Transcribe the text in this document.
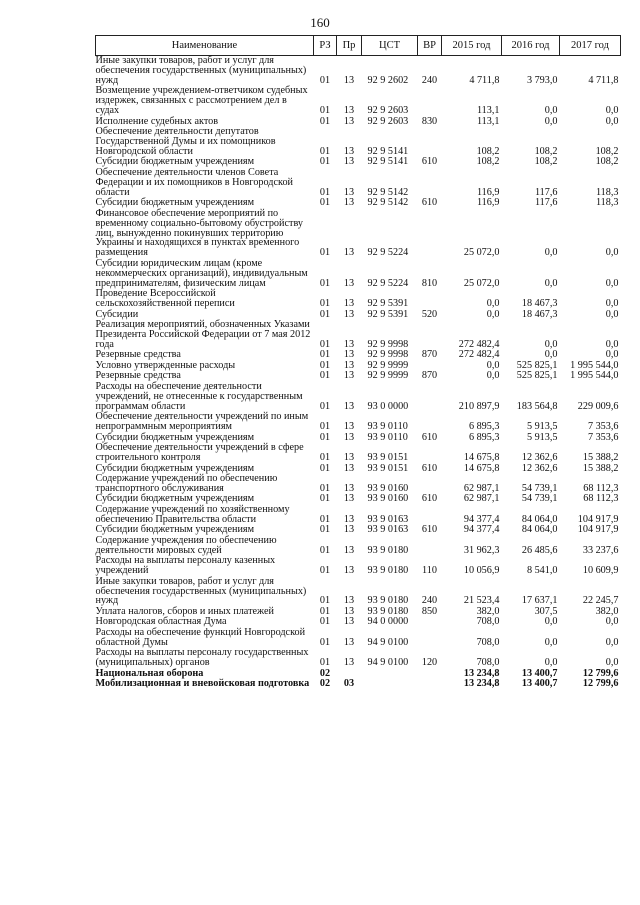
160
Наименование	РЗ	Пр	ЦСТ	ВР	2015 год	2016 год	2017 год
Иные закупки товаров, работ и услуг для обеспечения государственных (муниципальных) нужд	01	13	92 9 2602	240	4 711,8	3 793,0	4 711,8
Возмещение учреждением-ответчиком судебных издержек, связанных с рассмотрением дел в судах	01	13	92 9 2603		113,1	0,0	0,0
Исполнение судебных актов	01	13	92 9 2603	830	113,1	0,0	0,0
Обеспечение деятельности депутатов Государственной Думы и их помощников Новгородской области	01	13	92 9 5141		108,2	108,2	108,2
Субсидии бюджетным учреждениям	01	13	92 9 5141	610	108,2	108,2	108,2
Обеспечение деятельности членов Совета Федерации и их помощников в Новгородской области	01	13	92 9 5142		116,9	117,6	118,3
Субсидии бюджетным учреждениям	01	13	92 9 5142	610	116,9	117,6	118,3
Финансовое обеспечение мероприятий по временному социально-бытовому обустройству лиц, вынужденно покинувших территорию Украины и находящихся в пунктах временного размещения	01	13	92 9 5224		25 072,0	0,0	0,0
Субсидии юридическим лицам (кроме некоммерческих организаций), индивидуальным предпринимателям, физическим лицам	01	13	92 9 5224	810	25 072,0	0,0	0,0
Проведение Всероссийской сельскохозяйственной переписи	01	13	92 9 5391		0,0	18 467,3	0,0
Субсидии	01	13	92 9 5391	520	0,0	18 467,3	0,0
Реализация мероприятий, обозначенных Указами Президента Российской Федерации от 7 мая 2012 года	01	13	92 9 9998		272 482,4	0,0	0,0
Резервные средства	01	13	92 9 9998	870	272 482,4	0,0	0,0
Условно утвержденные расходы	01	13	92 9 9999		0,0	525 825,1	1 995 544,0
Резервные средства	01	13	92 9 9999	870	0,0	525 825,1	1 995 544,0
Расходы на обеспечение деятельности учреждений, не отнесенные к государственным программам области	01	13	93 0 0000		210 897,9	183 564,8	229 009,6
Обеспечение деятельности учреждений по иным непрограммным мероприятиям	01	13	93 9 0110		6 895,3	5 913,5	7 353,6
Субсидии бюджетным учреждениям	01	13	93 9 0110	610	6 895,3	5 913,5	7 353,6
Обеспечение деятельности учреждений в сфере строительного контроля	01	13	93 9 0151		14 675,8	12 362,6	15 388,2
Субсидии бюджетным учреждениям	01	13	93 9 0151	610	14 675,8	12 362,6	15 388,2
Содержание учреждений по обеспечению транспортного обслуживания	01	13	93 9 0160		62 987,1	54 739,1	68 112,3
Субсидии бюджетным учреждениям	01	13	93 9 0160	610	62 987,1	54 739,1	68 112,3
Содержание учреждений по хозяйственному обеспечению Правительства области	01	13	93 9 0163		94 377,4	84 064,0	104 917,9
Субсидии бюджетным учреждениям	01	13	93 9 0163	610	94 377,4	84 064,0	104 917,9
Содержание учреждения по обеспечению деятельности мировых судей	01	13	93 9 0180		31 962,3	26 485,6	33 237,6
Расходы на выплаты персоналу казенных учреждений	01	13	93 9 0180	110	10 056,9	8 541,0	10 609,9
Иные закупки товаров, работ и услуг для обеспечения государственных (муниципальных) нужд	01	13	93 9 0180	240	21 523,4	17 637,1	22 245,7
Уплата налогов, сборов и иных платежей	01	13	93 9 0180	850	382,0	307,5	382,0
Новгородская областная Дума	01	13	94 0 0000		708,0	0,0	0,0
Расходы на обеспечение функций Новгородской областной Думы	01	13	94 9 0100		708,0	0,0	0,0
Расходы на выплаты персоналу государственных (муниципальных) органов	01	13	94 9 0100	120	708,0	0,0	0,0
Национальная оборона	02				13 234,8	13 400,7	12 799,6
Мобилизационная и вневойсковая подготовка	02	03			13 234,8	13 400,7	12 799,6
